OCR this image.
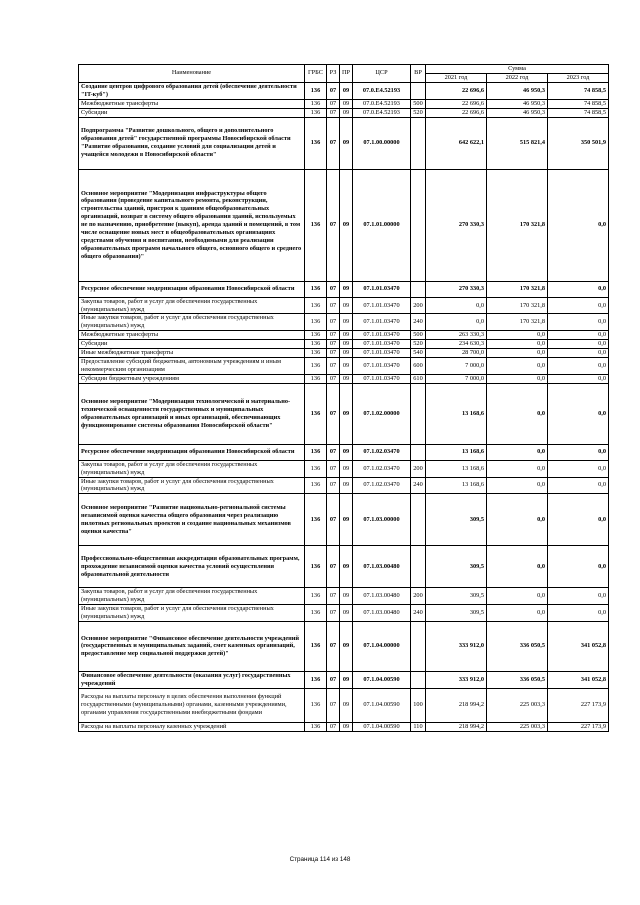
Наименование	ГРБС	РЗ	ПР	ЦСР	ВР	Сумма		
						2021 год	2022 год	2023 год
Создание центров цифрового образования детей (обеспечение деятельности "IT-куб")	136	07	09	07.0.E4.52193		22 696,6	46 950,3	74 858,5
Межбюджетные трансферты	136	07	09	07.0.E4.52193	500	22 696,6	46 950,3	74 858,5
Субсидии	136	07	09	07.0.E4.52193	520	22 696,6	46 950,3	74 858,5
Подпрограмма "Развитие дошкольного, общего и дополнительного образования детей" государственной программы Новосибирской области "Развитие образования, создание условий для социализации детей и учащейся молодежи в Новосибирской области"	136	07	09	07.1.00.00000		642 622,1	515 821,4	350 501,9
Основное мероприятие "Модернизация инфраструктуры общего образования (проведение капитального ремонта, реконструкции, строительства зданий, пристроя к зданиям общеобразовательных организаций, возврат в систему общего образования зданий, используемых не по назначению, приобретение (выкуп), аренда зданий и помещений, в том числе оснащение новых мест в общеобразовательных организациях средствами обучения и воспитания, необходимыми для реализации образовательных программ начального общего, основного общего и среднего общего образования)"	136	07	09	07.1.01.00000		270 330,3	170 321,8	0,0
Ресурсное обеспечение модернизации образования Новосибирской области	136	07	09	07.1.01.03470		270 330,3	170 321,8	0,0
Закупка товаров, работ и услуг для обеспечения государственных (муниципальных) нужд	136	07	09	07.1.01.03470	200	0,0	170 321,8	0,0
Иные закупки товаров, работ и услуг для обеспечения государственных (муниципальных) нужд	136	07	09	07.1.01.03470	240	0,0	170 321,8	0,0
Межбюджетные трансферты	136	07	09	07.1.01.03470	500	263 330,3	0,0	0,0
Субсидии	136	07	09	07.1.01.03470	520	234 630,3	0,0	0,0
Иные межбюджетные трансферты	136	07	09	07.1.01.03470	540	28 700,0	0,0	0,0
Предоставление субсидий бюджетным, автономным учреждениям и иным некоммерческим организациям	136	07	09	07.1.01.03470	600	7 000,0	0,0	0,0
Субсидии бюджетным учреждениям	136	07	09	07.1.01.03470	610	7 000,0	0,0	0,0
Основное мероприятие "Модернизация технологической и материально-технической оснащенности государственных и муниципальных образовательных организаций и иных организаций, обеспечивающих функционирование системы образования Новосибирской области"	136	07	09	07.1.02.00000		13 168,6	0,0	0,0
Ресурсное обеспечение модернизации образования Новосибирской области	136	07	09	07.1.02.03470		13 168,6	0,0	0,0
Закупка товаров, работ и услуг для обеспечения государственных (муниципальных) нужд	136	07	09	07.1.02.03470	200	13 168,6	0,0	0,0
Иные закупки товаров, работ и услуг для обеспечения государственных (муниципальных) нужд	136	07	09	07.1.02.03470	240	13 168,6	0,0	0,0
Основное мероприятие "Развитие национально-региональной системы независимой оценки качества общего образования через реализацию пилотных региональных проектов и создание национальных механизмов оценки качества"	136	07	09	07.1.03.00000		309,5	0,0	0,0
Профессионально-общественная аккредитация образовательных программ, прохождение независимой оценки качества условий осуществления образовательной деятельности	136	07	09	07.1.03.00480		309,5	0,0	0,0
Закупка товаров, работ и услуг для обеспечения государственных (муниципальных) нужд	136	07	09	07.1.03.00480	200	309,5	0,0	0,0
Иные закупки товаров, работ и услуг для обеспечения государственных (муниципальных) нужд	136	07	09	07.1.03.00480	240	309,5	0,0	0,0
Основное мероприятие "Финансовое обеспечение деятельности учреждений (государственных и муниципальных заданий, смет казенных организаций, предоставление мер социальной поддержки детей)"	136	07	09	07.1.04.00000		333 912,0	336 050,5	341 052,8
Финансовое обеспечение деятельности (оказания услуг) государственных учреждений	136	07	09	07.1.04.00590		333 912,0	336 050,5	341 052,8
Расходы на выплаты персоналу в целях обеспечения выполнения функций государственными (муниципальными) органами, казенными учреждениями, органами управления государственными внебюджетными фондами	136	07	09	07.1.04.00590	100	218 994,2	225 003,3	227 173,9
Расходы на выплаты персоналу казенных учреждений	136	07	09	07.1.04.00590	110	218 994,2	225 003,3	227 173,9
Страница 114 из 148
